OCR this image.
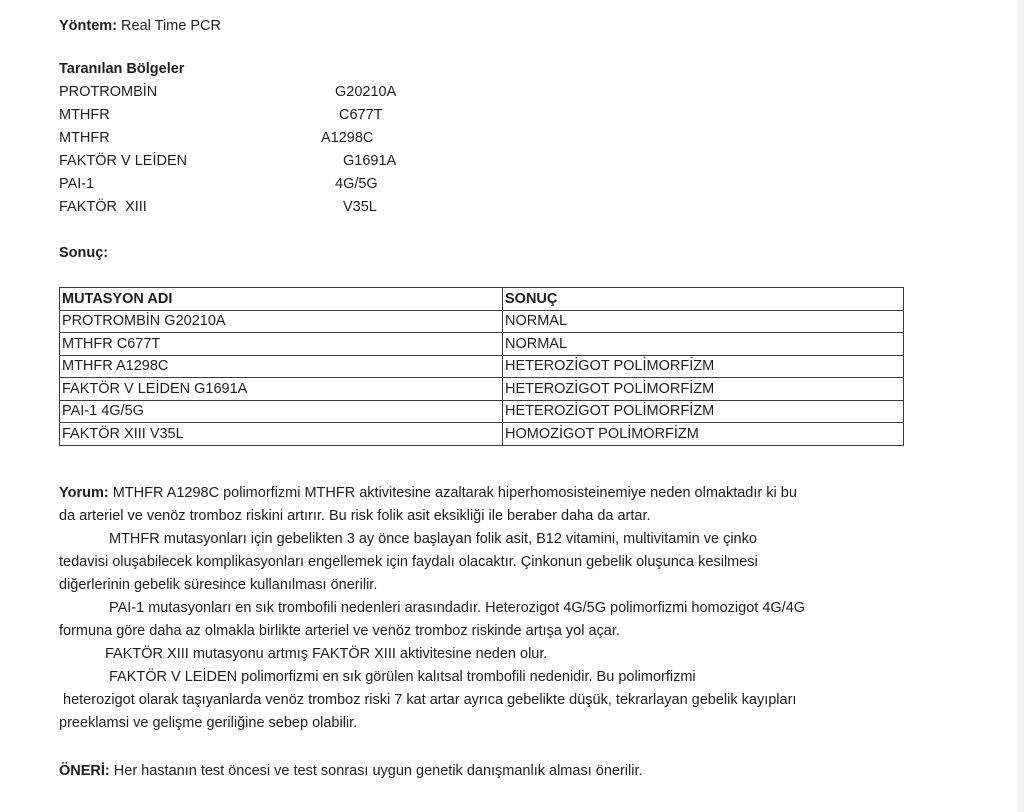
Yöntem: Real Time PCR
Taranılan Bölgeler
PROTROMBİN	G20210A
MTHFR	C677T
MTHFR	A1298C
FAKTÖR V LEİDEN	G1691A
PAI-1	4G/5G
FAKTÖR  XIII	V35L
Sonuç:
MUTASYON ADI	SONUÇ
PROTROMBİN G20210A	NORMAL
MTHFR C677T	NORMAL
MTHFR A1298C	HETEROZİGOT POLİMORFİZM
FAKTÖR V LEİDEN G1691A	HETEROZİGOT POLİMORFİZM
PAI-1 4G/5G	HETEROZİGOT POLİMORFİZM
FAKTÖR XIII V35L	HOMOZİGOT POLİMORFİZM
Yorum: MTHFR A1298C polimorfizmi MTHFR aktivitesine azaltarak hiperhomosisteinemiye neden olmaktadır ki bu
da arteriel ve venöz tromboz riskini artırır. Bu risk folik asit eksikliği ile beraber daha da artar.
MTHFR mutasyonları için gebelikten 3 ay önce başlayan folik asit, B12 vitamini, multivitamin ve çinko
tedavisi oluşabilecek komplikasyonları engellemek için faydalı olacaktır. Çinkonun gebelik oluşunca kesilmesi
diğerlerinin gebelik süresince kullanılması önerilir.
PAI-1 mutasyonları en sık trombofili nedenleri arasındadır. Heterozigot 4G/5G polimorfizmi homozigot 4G/4G
formuna göre daha az olmakla birlikte arteriel ve venöz tromboz riskinde artışa yol açar.
FAKTÖR XIII mutasyonu artmış FAKTÖR XIII aktivitesine neden olur.
FAKTÖR V LEİDEN polimorfizmi en sık görülen kalıtsal trombofili nedenidir. Bu polimorfizmi
heterozigot olarak taşıyanlarda venöz tromboz riski 7 kat artar ayrıca gebelikte düşük, tekrarlayan gebelik kayıpları
preeklamsi ve gelişme geriliğine sebep olabilir.
ÖNERİ: Her hastanın test öncesi ve test sonrası uygun genetik danışmanlık alması önerilir.
